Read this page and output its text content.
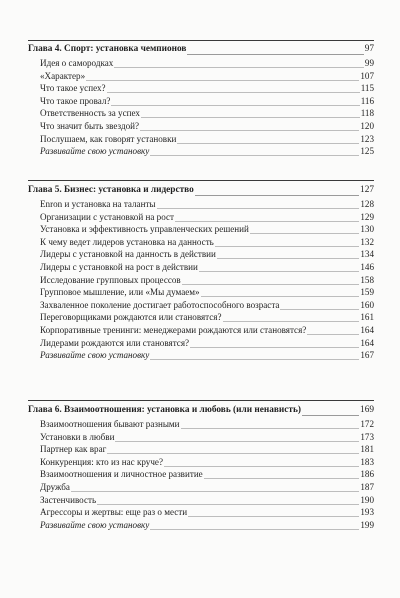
Глава 4. Спорт: установка чемпионов	97
Идея о самородках	99
«Характер»	107
Что такое успех?	115
Что такое провал?	116
Ответственность за успех	118
Что значит быть звездой?	120
Послушаем, как говорят установки	123
Развивайте свою установку	125
Глава 5. Бизнес: установка и лидерство	127
Enron и установка на таланты	128
Организации с установкой на рост	129
Установка и эффективность управленческих решений	130
К чему ведет лидеров установка на данность	132
Лидеры с установкой на данность в действии	134
Лидеры с установкой на рост в действии	146
Исследование групповых процессов	158
Групповое мышление, или «Мы думаем»	159
Захваленное поколение достигает работоспособного возраста	160
Переговорщиками рождаются или становятся?	161
Корпоративные тренинги: менеджерами рождаются или становятся?	164
Лидерами рождаются или становятся?	164
Развивайте свою установку	167
Глава 6. Взаимоотношения: установка и любовь (или ненависть)	169
Взаимоотношения бывают разными	172
Установки в любви	173
Партнер как враг	181
Конкуренция: кто из нас круче?	183
Взаимоотношения и личностное развитие	186
Дружба	187
Застенчивость	190
Агрессоры и жертвы: еще раз о мести	193
Развивайте свою установку	199
